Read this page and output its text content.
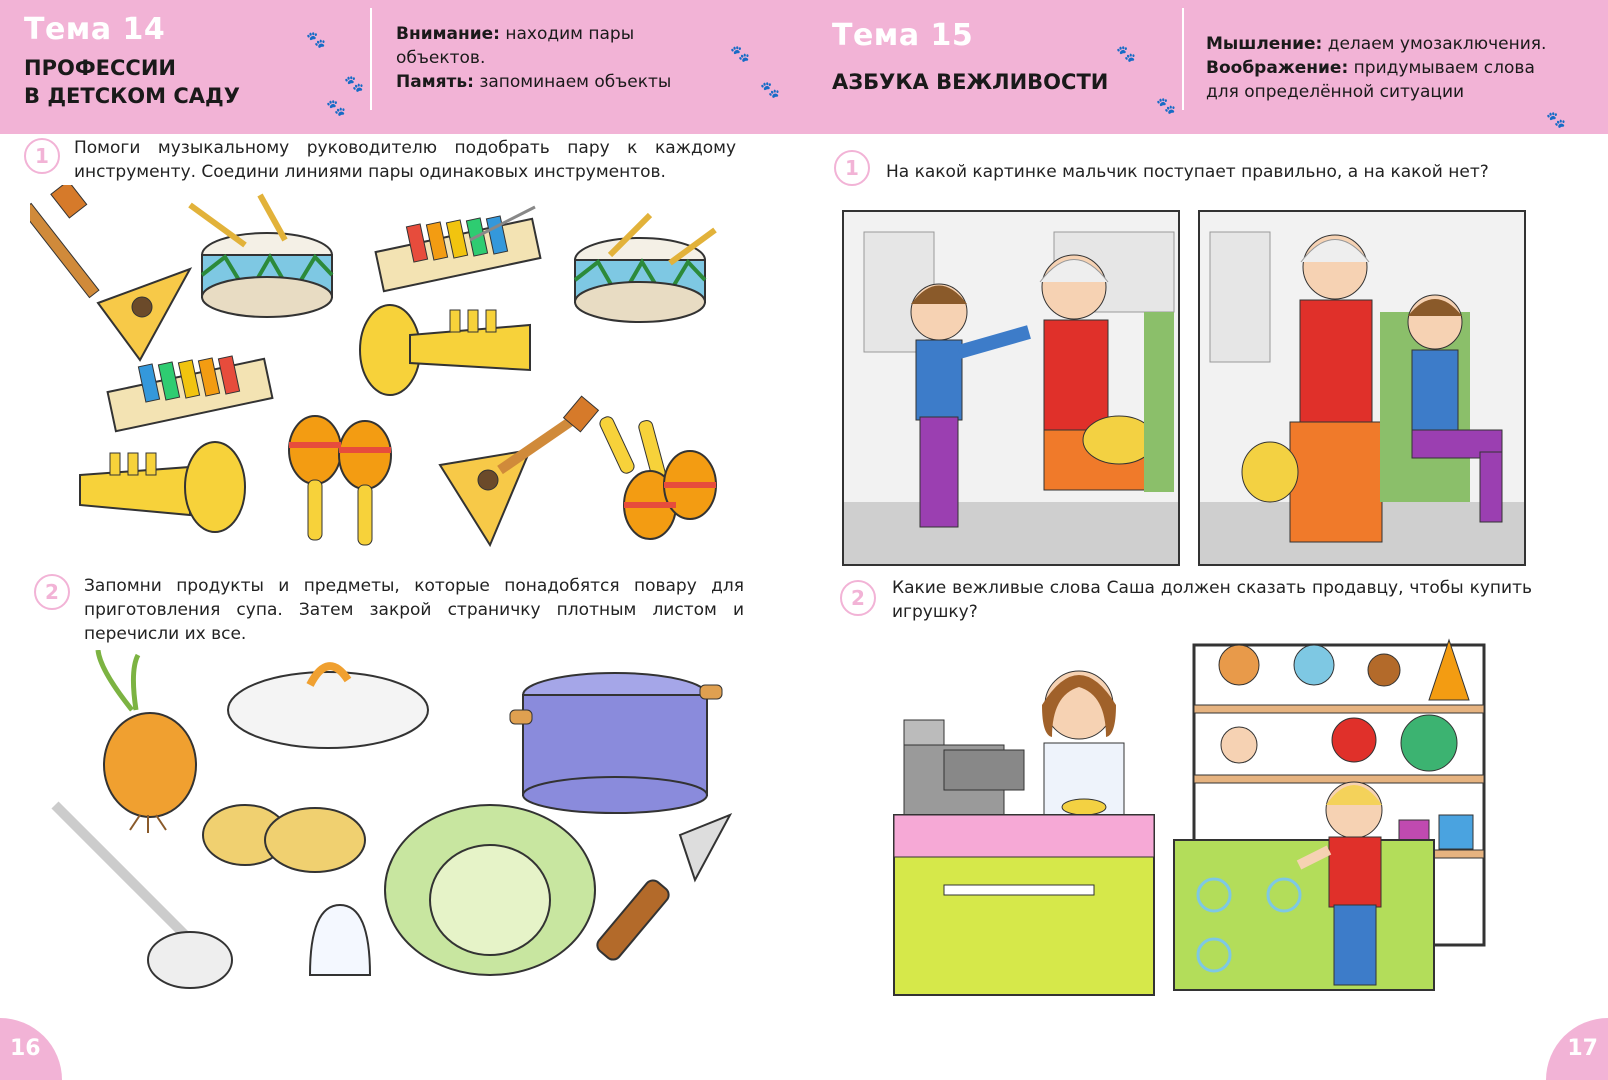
Тема 14
ПРОФЕССИИ
В ДЕТСКОМ САДУ
🐾
🐾
🐾
🐾
🐾
Внимание: находим пары
объектов.
Память: запоминаем объекты
1	Помоги музыкальному руководителю подобрать пару к каждому инструменту. Соедини линиями пары одинаковых инструментов.
2	Запомни продукты и предметы, которые понадобятся повару для приготовления супа. Затем закрой страничку плотным листом и перечисли их все.
16
Тема 15
АЗБУКА ВЕЖЛИВОСТИ
🐾
🐾
🐾
Мышление: делаем умозаключения.
Воображение: придумываем слова
для определённой ситуации
1	На какой картинке мальчик поступает правильно, а на какой нет?
2	Какие вежливые слова Саша должен сказать продавцу, чтобы купить игрушку?
17
